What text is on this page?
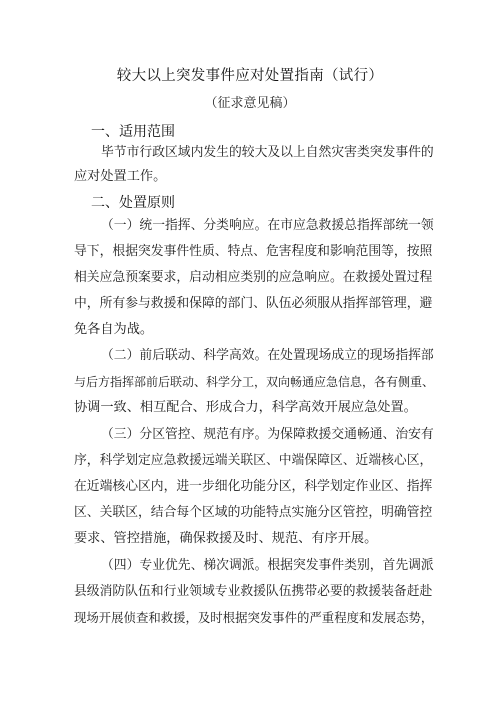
较大以上突发事件应对处置指南（试行）
（征求意见稿）
一、适用范围
毕节市行政区域内发生的较大及以上自然灾害类突发事件的
应对处置工作。
二、处置原则
（一）统一指挥、分类响应。在市应急救援总指挥部统一领
导下，根据突发事件性质、特点、危害程度和影响范围等，按照
相关应急预案要求，启动相应类别的应急响应。在救援处置过程
中，所有参与救援和保障的部门、队伍必须服从指挥部管理，避
免各自为战。
（二）前后联动、科学高效。在处置现场成立的现场指挥部
与后方指挥部前后联动、科学分工，双向畅通应急信息，各有侧重、
协调一致、相互配合、形成合力，科学高效开展应急处置。
（三）分区管控、规范有序。为保障救援交通畅通、治安有
序，科学划定应急救援远端关联区、中端保障区、近端核心区，
在近端核心区内，进一步细化功能分区，科学划定作业区、指挥
区、关联区，结合每个区域的功能特点实施分区管控，明确管控
要求、管控措施，确保救援及时、规范、有序开展。
（四）专业优先、梯次调派。根据突发事件类别，首先调派
县级消防队伍和行业领域专业救援队伍携带必要的救援装备赶赴
现场开展侦查和救援，及时根据突发事件的严重程度和发展态势，
